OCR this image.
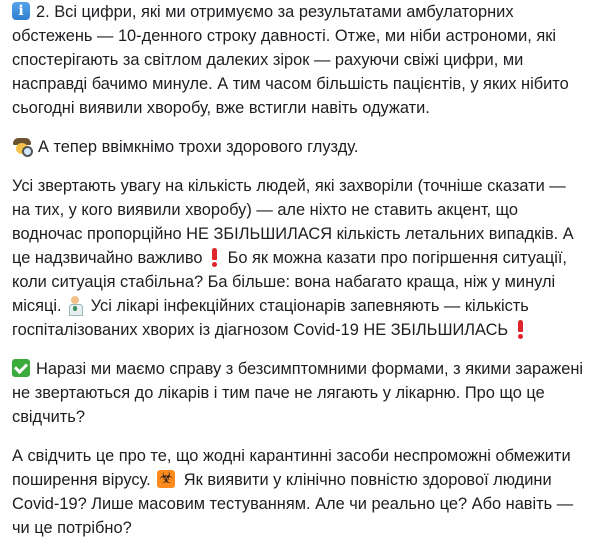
i2. Всі цифри, які ми отримуємо за результатами амбулаторних обстежень — 10-денного строку давності. Отже, ми ніби астрономи, які спостерігають за світлом далеких зірок — рахуючи свіжі цифри, ми насправді бачимо минуле. А тим часом більшість пацієнтів, у яких нібито сьогодні виявили хворобу, вже встигли навіть одужати.

А тепер ввімкнімо трохи здорового глузду.

Усі звертають увагу на кількість людей, які захворіли (точніше сказати — на тих, у кого виявили хворобу) — але ніхто не ставить акцент, що водночас пропорційно НЕ ЗБІЛЬШИЛАСЯ кількість летальних випадків. А це надзвичайно важливо Бо як можна казати про погіршення ситуації, коли ситуація стабільна? Ба більше: вона набагато краща, ніж у минулі місяці. Усі лікарі інфекційних стаціонарів запевняють — кількість госпіталізованих хворих із діагнозом Covid-19 НЕ ЗБІЛЬШИЛАСЬ

Наразі ми маємо справу з безсимптомними формами, з якими заражені не звертаються до лікарів і тим паче не лягають у лікарню. Про що це свідчить?

А свідчить це про те, що жодні карантинні засоби неспроможні обмежити поширення вірусу. ☣ Як виявити у клінічно повністю здорової людини Covid-19? Лише масовим тестуванням. Але чи реально це? Або навіть — чи це потрібно?
